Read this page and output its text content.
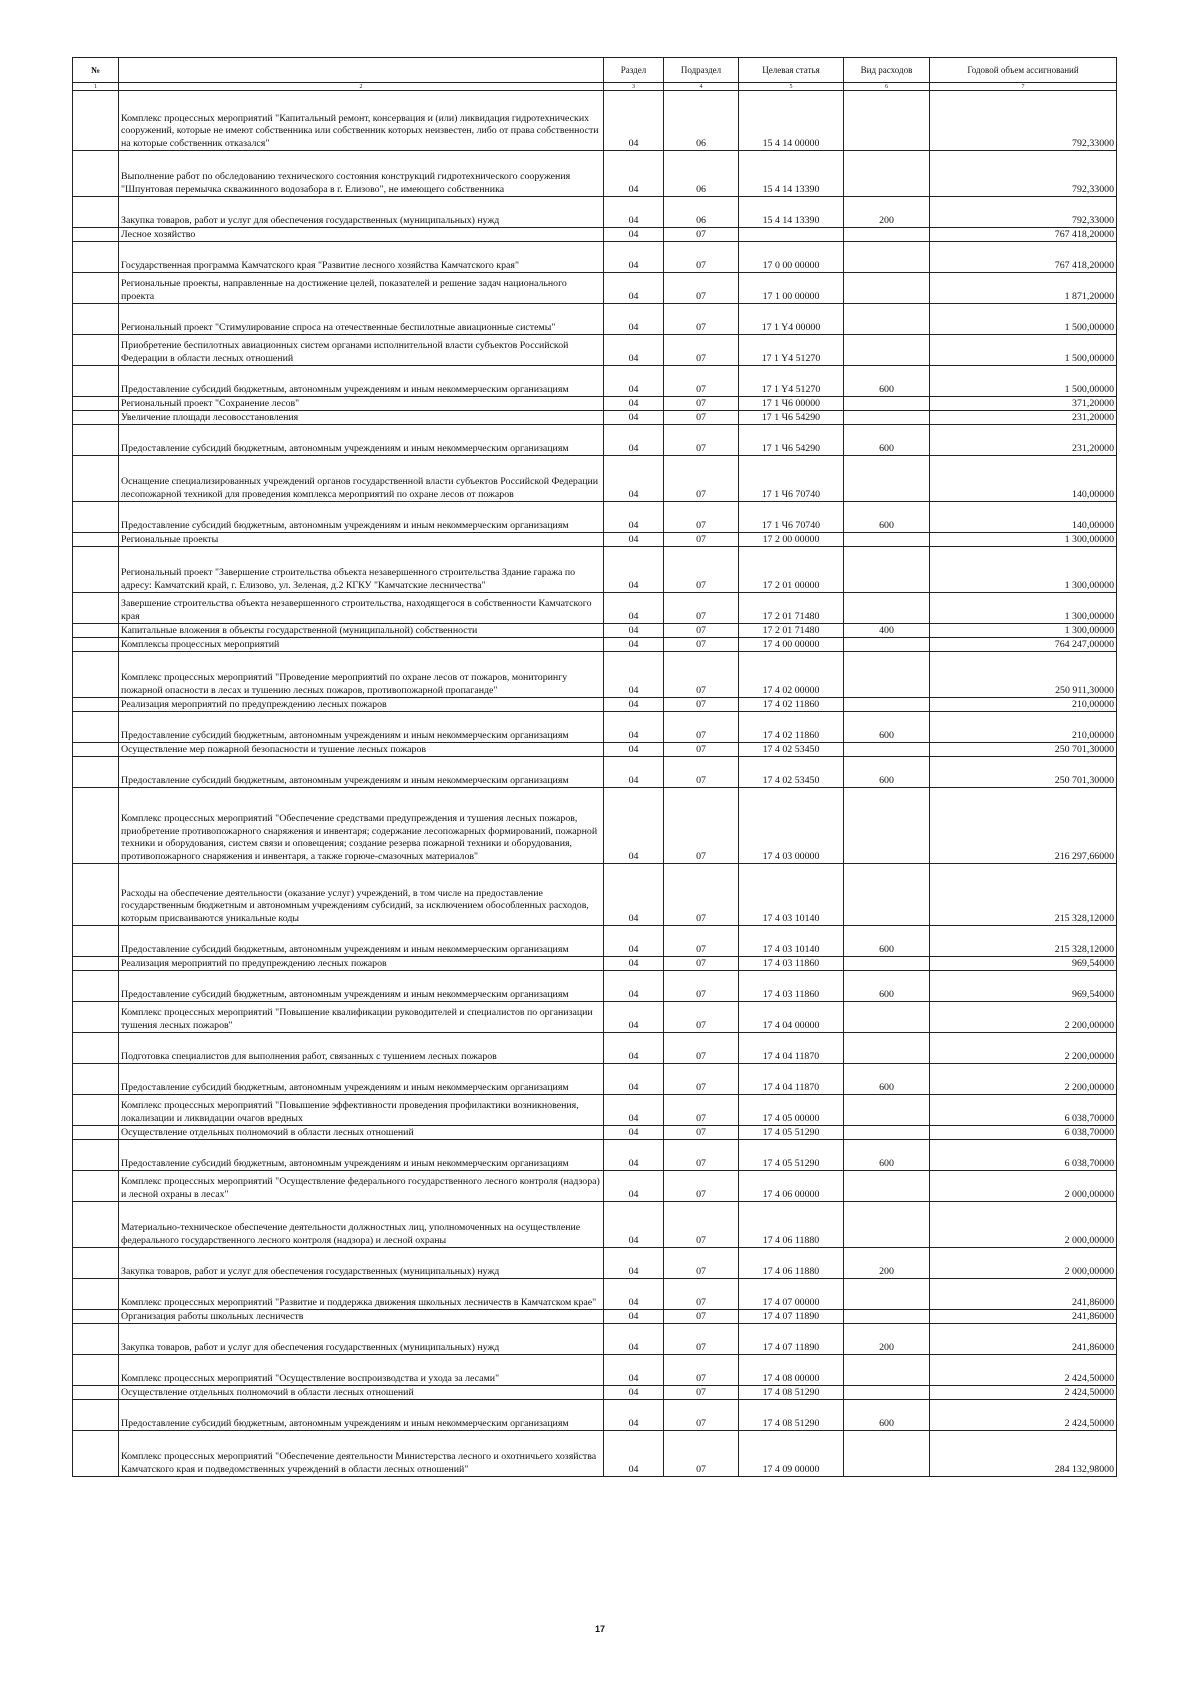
№		Раздел	Подраздел	Целевая статья	Вид расходов	Годовой объем ассигнований
1	2	3	4	5	6	7
	Комплекс процессных мероприятий "Капитальный ремонт, консервация и (или) ликвидация гидротехнических сооружений, которые не имеют собственника или собственник которых неизвестен, либо от права собственности на которые собственник отказался"	04	06	15 4 14 00000		792,33000
	Выполнение работ по обследованию технического состояния конструкций гидротехнического сооружения "Шпунтовая перемычка скважинного водозабора в г. Елизово", не имеющего собственника	04	06	15 4 14 13390		792,33000
	Закупка товаров, работ и услуг для обеспечения государственных (муниципальных) нужд	04	06	15 4 14 13390	200	792,33000
	Лесное хозяйство	04	07			767 418,20000
	Государственная программа Камчатского края "Развитие лесного хозяйства Камчатского края"	04	07	17 0 00 00000		767 418,20000
	Региональные проекты, направленные на достижение целей, показателей и решение задач национального проекта	04	07	17 1 00 00000		1 871,20000
	Региональный проект "Стимулирование спроса на отечественные беспилотные авиационные системы"	04	07	17 1 Y4 00000		1 500,00000
	Приобретение беспилотных авиационных систем органами исполнительной власти субъектов Российской Федерации в области лесных отношений	04	07	17 1 Y4 51270		1 500,00000
	Предоставление субсидий бюджетным, автономным учреждениям и иным некоммерческим организациям	04	07	17 1 Y4 51270	600	1 500,00000
	Региональный проект "Сохранение лесов"	04	07	17 1 Ч6 00000		371,20000
	Увеличение площади лесовосстановления	04	07	17 1 Ч6 54290		231,20000
	Предоставление субсидий бюджетным, автономным учреждениям и иным некоммерческим организациям	04	07	17 1 Ч6 54290	600	231,20000
	Оснащение специализированных учреждений органов государственной власти субъектов Российской Федерации лесопожарной техникой для проведения комплекса мероприятий по охране лесов от пожаров	04	07	17 1 Ч6 70740		140,00000
	Предоставление субсидий бюджетным, автономным учреждениям и иным некоммерческим организациям	04	07	17 1 Ч6 70740	600	140,00000
	Региональные проекты	04	07	17 2 00 00000		1 300,00000
	Региональный проект "Завершение строительства объекта незавершенного строительства Здание гаража по адресу: Камчатский край, г. Елизово, ул. Зеленая, д.2 КГКУ "Камчатские лесничества"	04	07	17 2 01 00000		1 300,00000
	Завершение строительства объекта незавершенного строительства, находящегося в собственности Камчатского края	04	07	17 2 01 71480		1 300,00000
	Капитальные вложения в объекты государственной (муниципальной) собственности	04	07	17 2 01 71480	400	1 300,00000
	Комплексы процессных мероприятий	04	07	17 4 00 00000		764 247,00000
	Комплекс процессных мероприятий "Проведение мероприятий по охране лесов от пожаров, мониторингу пожарной опасности в лесах и тушению лесных пожаров, противопожарной пропаганде"	04	07	17 4 02 00000		250 911,30000
	Реализация мероприятий по предупреждению лесных пожаров	04	07	17 4 02 11860		210,00000
	Предоставление субсидий бюджетным, автономным учреждениям и иным некоммерческим организациям	04	07	17 4 02 11860	600	210,00000
	Осуществление мер пожарной безопасности и тушение лесных пожаров	04	07	17 4 02 53450		250 701,30000
	Предоставление субсидий бюджетным, автономным учреждениям и иным некоммерческим организациям	04	07	17 4 02 53450	600	250 701,30000
	Комплекс процессных мероприятий "Обеспечение средствами предупреждения и тушения лесных пожаров, приобретение противопожарного снаряжения и инвентаря; содержание лесопожарных формирований, пожарной техники и оборудования, систем связи и оповещения; создание резерва пожарной техники и оборудования, противопожарного снаряжения и инвентаря, а также горюче-смазочных материалов"	04	07	17 4 03 00000		216 297,66000
	Расходы на обеспечение деятельности (оказание услуг) учреждений, в том числе на предоставление государственным бюджетным и автономным учреждениям субсидий, за исключением обособленных расходов, которым присваиваются уникальные коды	04	07	17 4 03 10140		215 328,12000
	Предоставление субсидий бюджетным, автономным учреждениям и иным некоммерческим организациям	04	07	17 4 03 10140	600	215 328,12000
	Реализация мероприятий по предупреждению лесных пожаров	04	07	17 4 03 11860		969,54000
	Предоставление субсидий бюджетным, автономным учреждениям и иным некоммерческим организациям	04	07	17 4 03 11860	600	969,54000
	Комплекс процессных мероприятий "Повышение квалификации руководителей и специалистов по организации тушения лесных пожаров"	04	07	17 4 04 00000		2 200,00000
	Подготовка специалистов для выполнения работ, связанных с тушением лесных пожаров	04	07	17 4 04 11870		2 200,00000
	Предоставление субсидий бюджетным, автономным учреждениям и иным некоммерческим организациям	04	07	17 4 04 11870	600	2 200,00000
	Комплекс процессных мероприятий "Повышение эффективности проведения профилактики возникновения, локализации и ликвидации очагов вредных	04	07	17 4 05 00000		6 038,70000
	Осуществление отдельных полномочий в области лесных отношений	04	07	17 4 05 51290		6 038,70000
	Предоставление субсидий бюджетным, автономным учреждениям и иным некоммерческим организациям	04	07	17 4 05 51290	600	6 038,70000
	Комплекс процессных мероприятий "Осуществление федерального государственного лесного контроля (надзора) и лесной охраны в лесах"	04	07	17 4 06 00000		2 000,00000
	Материально-техническое обеспечение деятельности должностных лиц, уполномоченных на осуществление федерального государственного лесного контроля (надзора) и лесной охраны	04	07	17 4 06 11880		2 000,00000
	Закупка товаров, работ и услуг для обеспечения государственных (муниципальных) нужд	04	07	17 4 06 11880	200	2 000,00000
	Комплекс процессных мероприятий "Развитие и поддержка движения школьных лесничеств в Камчатском крае"	04	07	17 4 07 00000		241,86000
	Организация работы школьных лесничеств	04	07	17 4 07 11890		241,86000
	Закупка товаров, работ и услуг для обеспечения государственных (муниципальных) нужд	04	07	17 4 07 11890	200	241,86000
	Комплекс процессных мероприятий "Осуществление воспроизводства и ухода за лесами"	04	07	17 4 08 00000		2 424,50000
	Осуществление отдельных полномочий в области лесных отношений	04	07	17 4 08 51290		2 424,50000
	Предоставление субсидий бюджетным, автономным учреждениям и иным некоммерческим организациям	04	07	17 4 08 51290	600	2 424,50000
	Комплекс процессных мероприятий "Обеспечение деятельности Министерства лесного и охотничьего хозяйства Камчатского края и подведомственных учреждений в области лесных отношений"	04	07	17 4 09 00000		284 132,98000
17
